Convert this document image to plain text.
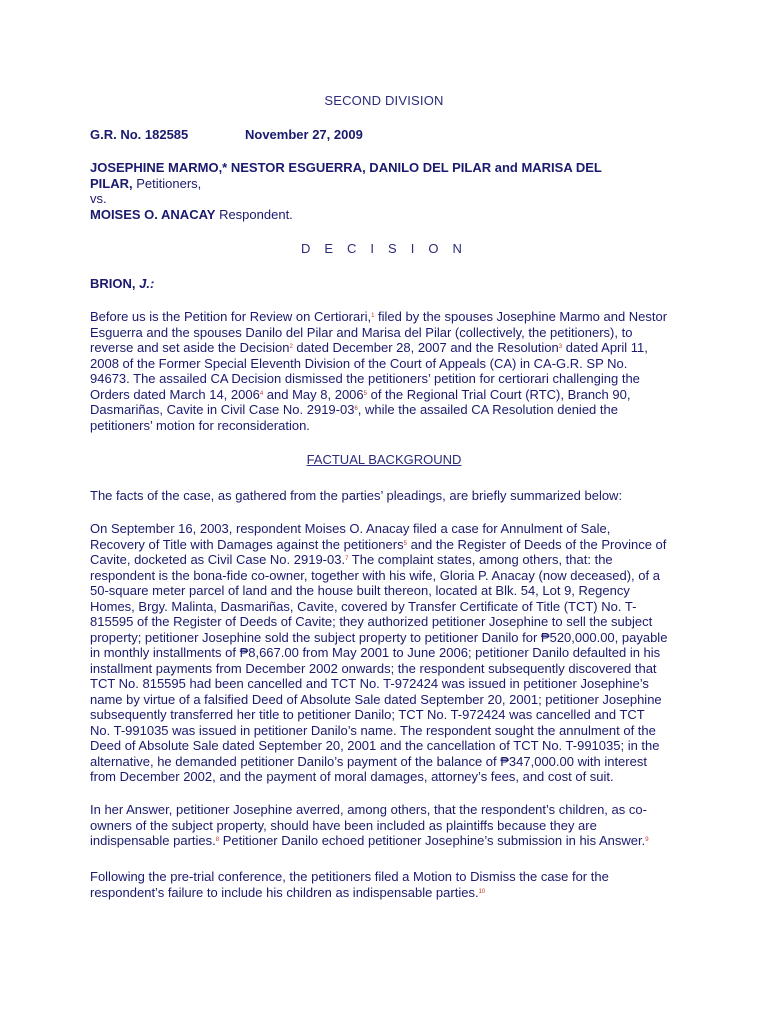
SECOND DIVISION
G.R. No. 182585	November 27, 2009
JOSEPHINE MARMO,* NESTOR ESGUERRA, DANILO DEL PILAR and MARISA DEL
PILAR, Petitioners,
vs.
MOISES O. ANACAY Respondent.
D E C I S I O N
BRION, J.:
Before us is the Petition for Review on Certiorari,$^1$ filed by the spouses Josephine Marmo and Nestor
Esguerra and the spouses Danilo del Pilar and Marisa del Pilar (collectively, the petitioners), to
reverse and set aside the Decision$^2$ dated December 28, 2007 and the Resolution$^3$ dated April 11,
2008 of the Former Special Eleventh Division of the Court of Appeals (CA) in CA-G.R. SP No.
94673. The assailed CA Decision dismissed the petitioners’ petition for certiorari challenging the
Orders dated March 14, 2006$^4$ and May 8, 2006$^5$ of the Regional Trial Court (RTC), Branch 90,
Dasmariñas, Cavite in Civil Case No. 2919-03$^6$, while the assailed CA Resolution denied the
petitioners’ motion for reconsideration.
FACTUAL BACKGROUND
The facts of the case, as gathered from the parties’ pleadings, are briefly summarized below:
On September 16, 2003, respondent Moises O. Anacay filed a case for Annulment of Sale,
Recovery of Title with Damages against the petitioners$^5$ and the Register of Deeds of the Province of
Cavite, docketed as Civil Case No. 2919-03.$^7$ The complaint states, among others, that: the
respondent is the bona-fide co-owner, together with his wife, Gloria P. Anacay (now deceased), of a
50-square meter parcel of land and the house built thereon, located at Blk. 54, Lot 9, Regency
Homes, Brgy. Malinta, Dasmariñas, Cavite, covered by Transfer Certificate of Title (TCT) No. T-
815595 of the Register of Deeds of Cavite; they authorized petitioner Josephine to sell the subject
property; petitioner Josephine sold the subject property to petitioner Danilo for ₱520,000.00, payable
in monthly installments of ₱8,667.00 from May 2001 to June 2006; petitioner Danilo defaulted in his
installment payments from December 2002 onwards; the respondent subsequently discovered that
TCT No. 815595 had been cancelled and TCT No. T-972424 was issued in petitioner Josephine’s
name by virtue of a falsified Deed of Absolute Sale dated September 20, 2001; petitioner Josephine
subsequently transferred her title to petitioner Danilo; TCT No. T-972424 was cancelled and TCT
No. T-991035 was issued in petitioner Danilo’s name. The respondent sought the annulment of the
Deed of Absolute Sale dated September 20, 2001 and the cancellation of TCT No. T-991035; in the
alternative, he demanded petitioner Danilo’s payment of the balance of ₱347,000.00 with interest
from December 2002, and the payment of moral damages, attorney’s fees, and cost of suit.
In her Answer, petitioner Josephine averred, among others, that the respondent’s children, as co-
owners of the subject property, should have been included as plaintiffs because they are
indispensable parties.$^8$ Petitioner Danilo echoed petitioner Josephine’s submission in his Answer.$^9$
Following the pre-trial conference, the petitioners filed a Motion to Dismiss the case for the
respondent’s failure to include his children as indispensable parties.$^{10}$
